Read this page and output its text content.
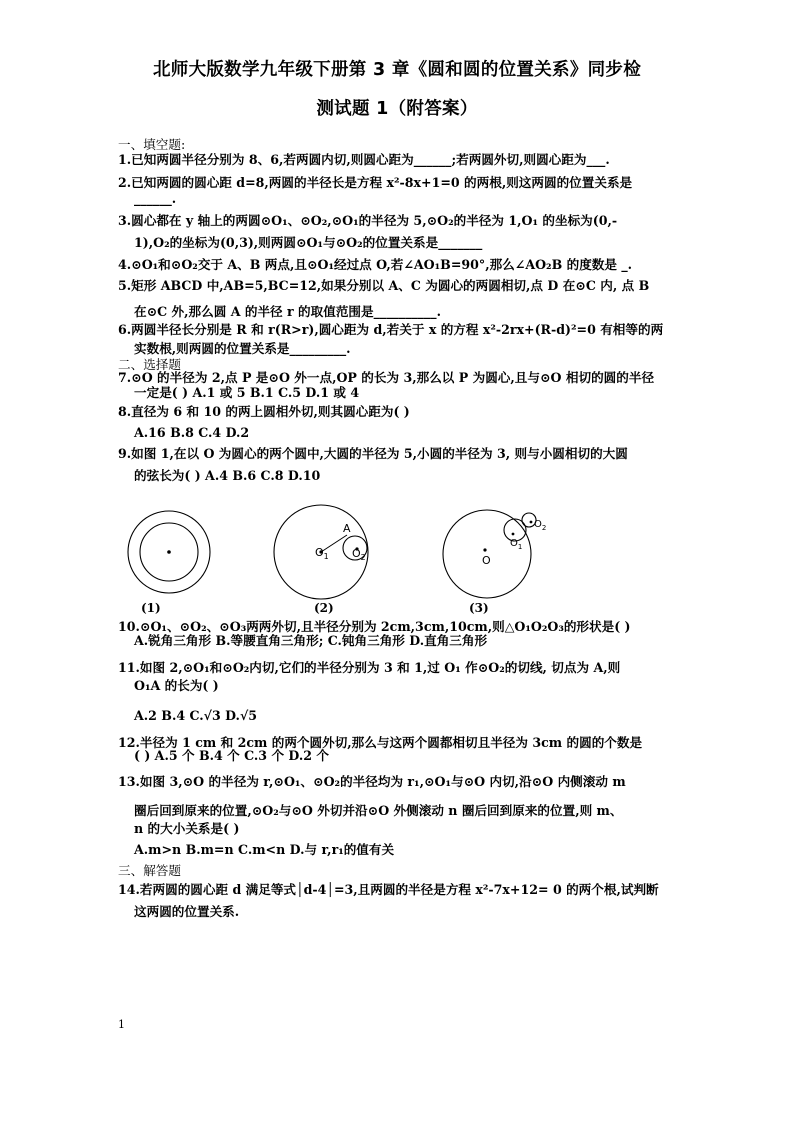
北师大版数学九年级下册第 3 章《圆和圆的位置关系》同步检
测试题 1（附答案）
一、填空题:
1.已知两圆半径分别为 8、6,若两圆内切,则圆心距为______;若两圆外切,则圆心距为___.
2.已知两圆的圆心距 d=8,两圆的半径长是方程 x²-8x+1=0 的两根,则这两圆的位置关系是
______.
3.圆心都在 y 轴上的两圆⊙O₁、⊙O₂,⊙O₁的半径为 5,⊙O₂的半径为 1,O₁ 的坐标为(0,-
1),O₂的坐标为(0,3),则两圆⊙O₁与⊙O₂的位置关系是_______
4.⊙O₁和⊙O₂交于 A、B 两点,且⊙O₁经过点 O,若∠AO₁B=90°,那么∠AO₂B 的度数是 _.
5.矩形 ABCD 中,AB=5,BC=12,如果分别以 A、C 为圆心的两圆相切,点 D 在⊙C 内, 点 B
在⊙C 外,那么圆 A 的半径 r 的取值范围是__________.
6.两圆半径长分别是 R 和 r(R>r),圆心距为 d,若关于 x 的方程 x²-2rx+(R-d)²=0 有相等的两
实数根,则两圆的位置关系是_________.
二、选择题
7.⊙O 的半径为 2,点 P 是⊙O 外一点,OP 的长为 3,那么以 P 为圆心,且与⊙O 相切的圆的半径
一定是( ) A.1 或 5 B.1 C.5 D.1 或 4
8.直径为 6 和 10 的两上圆相外切,则其圆心距为( )
A.16 B.8 C.4 D.2
9.如图 1,在以 O 为圆心的两个圆中,大圆的半径为 5,小圆的半径为 3, 则与小圆相切的大圆
的弦长为( ) A.4 B.6 C.8 D.10
(1)
A
$O_1$ $O_2$
(2)
O
$O_1$
$O_2$
(3)
10.⊙O₁、⊙O₂、⊙O₃两两外切,且半径分别为 2cm,3cm,10cm,则△O₁O₂O₃的形状是( )
A.锐角三角形 B.等腰直角三角形; C.钝角三角形 D.直角三角形
11.如图 2,⊙O₁和⊙O₂内切,它们的半径分别为 3 和 1,过 O₁ 作⊙O₂的切线, 切点为 A,则
O₁A 的长为( )
A.2 B.4 C.√3 D.√5
12.半径为 1 cm 和 2cm 的两个圆外切,那么与这两个圆都相切且半径为 3cm 的圆的个数是
( ) A.5 个 B.4 个 C.3 个 D.2 个
13.如图 3,⊙O 的半径为 r,⊙O₁、⊙O₂的半径均为 r₁,⊙O₁与⊙O 内切,沿⊙O 内侧滚动 m
圈后回到原来的位置,⊙O₂与⊙O 外切并沿⊙O 外侧滚动 n 圈后回到原来的位置,则 m、
n 的大小关系是( )
A.m>n B.m=n C.m<n D.与 r,r₁的值有关
三、解答题
14.若两圆的圆心距 d 满足等式│d-4│=3,且两圆的半径是方程 x²-7x+12= 0 的两个根,试判断
这两圆的位置关系.
1
